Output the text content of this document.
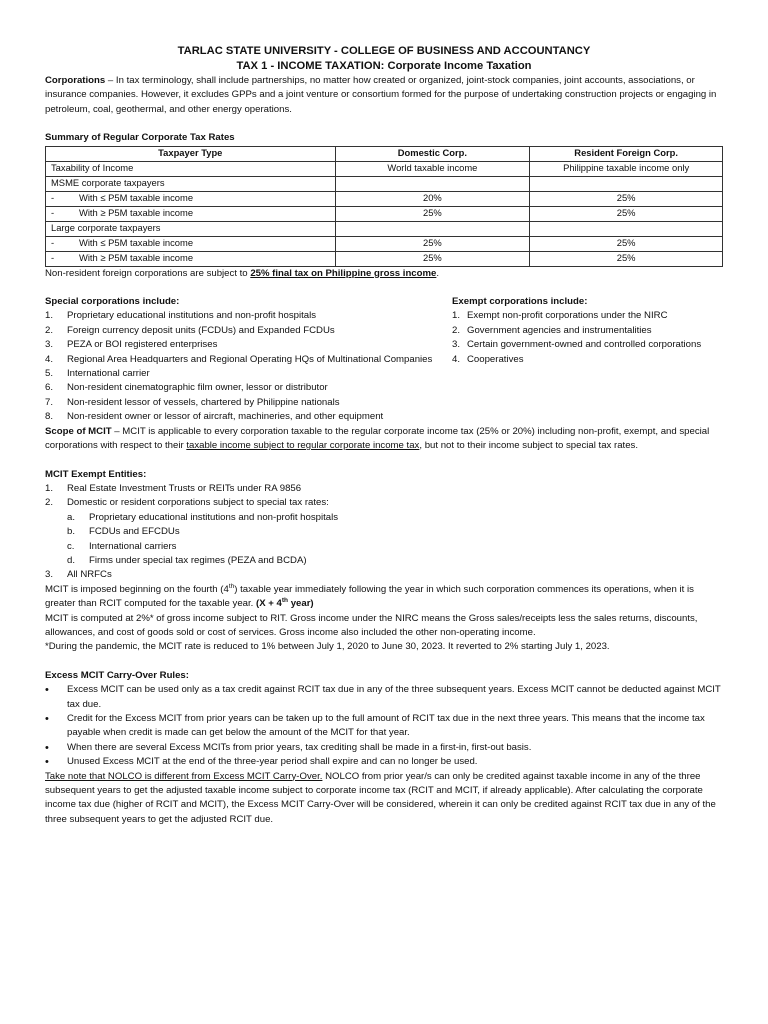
TARLAC STATE UNIVERSITY - COLLEGE OF BUSINESS AND ACCOUNTANCY
TAX 1 - INCOME TAXATION: Corporate Income Taxation

Corporations – In tax terminology, shall include partnerships, no matter how created or organized, joint-stock companies, joint accounts, associations, or insurance companies. However, it excludes GPPs and a joint venture or consortium formed for the purpose of undertaking construction projects or engaging in petroleum, coal, geothermal, and other energy operations.

Summary of Regular Corporate Tax Rates
Taxpayer Type	Domestic Corp.	Resident Foreign Corp.
Taxability of Income	World taxable income	Philippine taxable income only
MSME corporate taxpayers		
- With ≤ P5M taxable income	20%	25%
- With ≥ P5M taxable income	25%	25%
Large corporate taxpayers		
- With ≤ P5M taxable income	25%	25%
- With ≥ P5M taxable income	25%	25%

Non-resident foreign corporations are subject to 25% final tax on Philippine gross income.

Special corporations include:
1.	Proprietary educational institutions and non-profit hospitals
2.	Foreign currency deposit units (FCDUs) and Expanded FCDUs
3.	PEZA or BOI registered enterprises
4.	Regional Area Headquarters and Regional Operating HQs of Multinational Companies
5.	International carrier
6.	Non-resident cinematographic film owner, lessor or distributor
7.	Non-resident lessor of vessels, chartered by Philippine nationals
8.	Non-resident owner or lessor of aircraft, machineries, and other equipment
Exempt corporations include:
1. Exempt non-profit corporations under the NIRC
2. Government agencies and instrumentalities
3. Certain government-owned and controlled corporations
4. Cooperatives

Scope of MCIT – MCIT is applicable to every corporation taxable to the regular corporate income tax (25% or 20%) including non-profit, exempt, and special corporations with respect to their taxable income subject to regular corporate income tax, but not to their income subject to special tax rates.

MCIT Exempt Entities:
1.	Real Estate Investment Trusts or REITs under RA 9856
2.	Domestic or resident corporations subject to special tax rates:
a.	Proprietary educational institutions and non-profit hospitals
b.	FCDUs and EFCDUs
c.	International carriers
d.	Firms under special tax regimes (PEZA and BCDA)
3.	All NRFCs

MCIT is imposed beginning on the fourth (4th) taxable year immediately following the year in which such corporation commences its operations, when it is greater than RCIT computed for the taxable year. (X + 4th year)

MCIT is computed at 2%* of gross income subject to RIT. Gross income under the NIRC means the Gross sales/receipts less the sales returns, discounts, allowances, and cost of goods sold or cost of services. Gross income also included the other non-operating income.

*During the pandemic, the MCIT rate is reduced to 1% between July 1, 2020 to June 30, 2023. It reverted to 2% starting July 1, 2023.

Excess MCIT Carry-Over Rules:
•	Excess MCIT can be used only as a tax credit against RCIT tax due in any of the three subsequent years. Excess MCIT cannot be deducted against MCIT tax due.
•	Credit for the Excess MCIT from prior years can be taken up to the full amount of RCIT tax due in the next three years. This means that the income tax payable when credit is made can get below the amount of the MCIT for that year.
•	When there are several Excess MCITs from prior years, tax crediting shall be made in a first-in, first-out basis.
•	Unused Excess MCIT at the end of the three-year period shall expire and can no longer be used.

Take note that NOLCO is different from Excess MCIT Carry-Over. NOLCO from prior year/s can only be credited against taxable income in any of the three subsequent years to get the adjusted taxable income subject to corporate income tax (RCIT and MCIT, if already applicable). After calculating the corporate income tax due (higher of RCIT and MCIT), the Excess MCIT Carry-Over will be considered, wherein it can only be credited against RCIT tax due in any of the three subsequent years to get the adjusted RCIT due.
